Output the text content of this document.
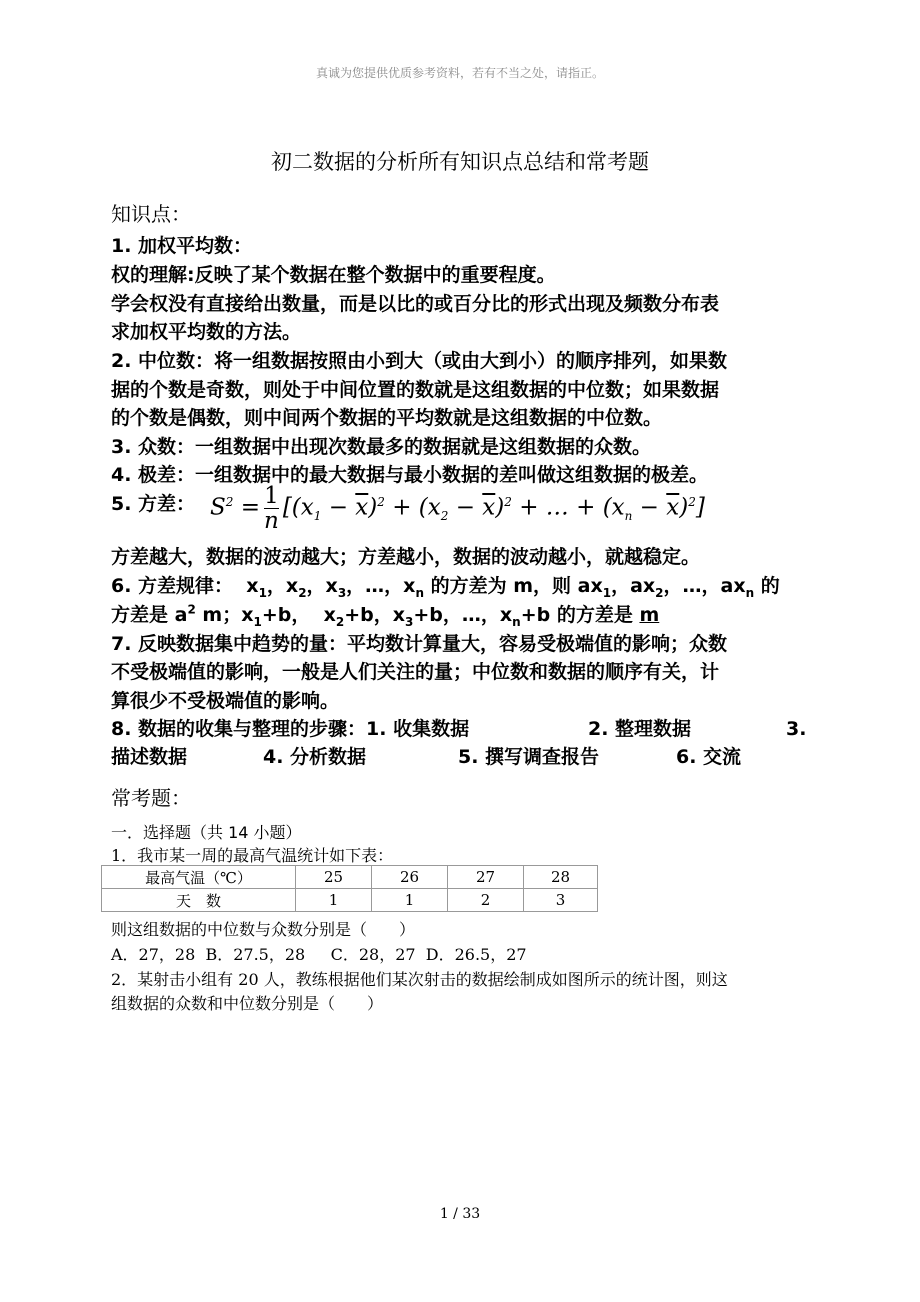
真诚为您提供优质参考资料，若有不当之处，请指正。
初二数据的分析所有知识点总结和常考题
知识点：
1. 加权平均数：
权的理解:反映了某个数据在整个数据中的重要程度。
学会权没有直接给出数量，而是以比的或百分比的形式出现及频数分布表
求加权平均数的方法。
2. 中位数：将一组数据按照由小到大（或由大到小）的顺序排列，如果数
据的个数是奇数，则处于中间位置的数就是这组数据的中位数；如果数据
的个数是偶数，则中间两个数据的平均数就是这组数据的中位数。
3. 众数：一组数据中出现次数最多的数据就是这组数据的众数。
4. 极差：一组数据中的最大数据与最小数据的差叫做这组数据的极差。
5. 方差： $S^2 = \frac{1}{n} [(x_1 - \overline{x})^2 + (x_2 - \overline{x})^2$ + … + $(x_n - \overline{x})^2$]
方差越大，数据的波动越大；方差越小，数据的波动越小，就越稳定。
6. 方差规律：  $x_1$，$x_2$，$x_3$，…，$x_n$ 的方差为 m，则 $ax_1$，$ax_2$，…，$ax_n$ 的
方差是 $a^2$ m；$x_1+b$，  $x_2+b$，$x_3+b$，…，$x_n+b$ 的方差是 m
7. 反映数据集中趋势的量：平均数计算量大，容易受极端值的影响；众数
不受极端值的影响，一般是人们关注的量；中位数和数据的顺序有关，计
算很少不受极端值的影响。
8. 数据的收集与整理的步骤：1. 收集数据	2. 整理数据	3.
描述数据	4. 分析数据	5. 撰写调查报告	6. 交流
常考题：
一．选择题（共 14 小题）
1．我市某一周的最高气温统计如下表：
最高气温（℃）	25	26	27	28
天　数	1	1	2	3
则这组数据的中位数与众数分别是（　　）
A．27，28  B．27.5，28     C．28，27  D．26.5，27
2．某射击小组有 20 人，教练根据他们某次射击的数据绘制成如图所示的统计图，则这
组数据的众数和中位数分别是（　　）
1 / 33
